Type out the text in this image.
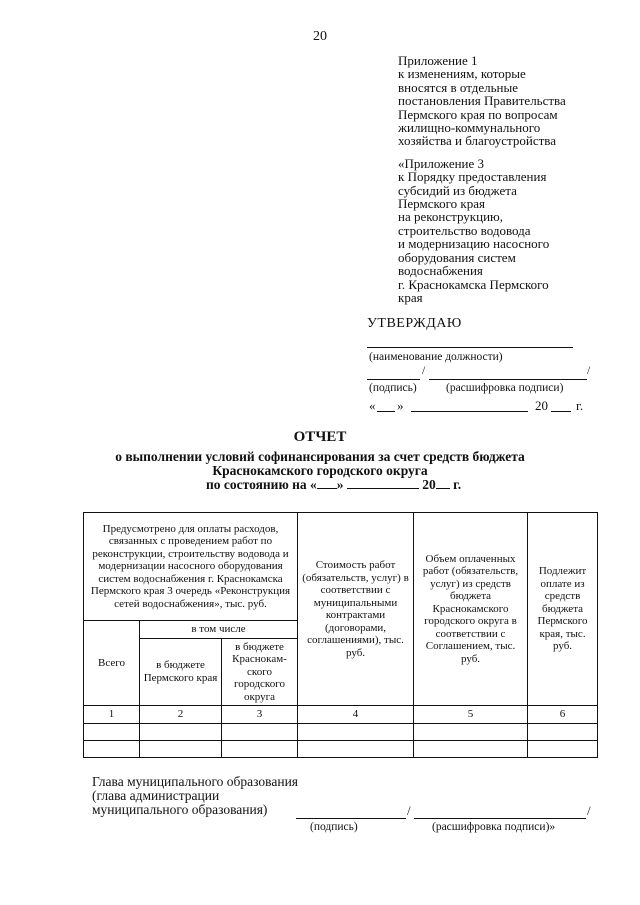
20
Приложение 1
к изменениям, которые
вносятся в отдельные
постановления Правительства
Пермского края по вопросам
жилищно-коммунального
хозяйства и благоустройства
«Приложение 3
к Порядку предоставления
субсидий из бюджета
Пермского края
на реконструкцию,
строительство водовода
и модернизацию насосного
оборудования систем
водоснабжения
г. Краснокамска Пермского
края
УТВЕРЖДАЮ
(наименование должности)
/	/
(подпись)	(расшифровка подписи)
« »	20 г.
ОТЧЕТ
о выполнении условий софинансирования за счет средств бюджета
Краснокамского городского округа
по состоянию на « »	20 г.
Предусмотрено для оплаты расходов, связанных с проведением работ по реконструкции, строительству водовода и модернизации насосного оборудования систем водоснабжения г. Краснокамска Пермского края 3 очередь «Реконструкция сетей водоснабжения», тыс. руб.			Стоимость работ (обязательств, услуг) в соответствии с муниципальными контрактами (договорами, соглашениями), тыс. руб.	Объем оплаченных работ (обязательств, услуг) из средств бюджета Краснокамского городского округа в соответствии с Соглашением, тыс. руб.	Подлежит оплате из средств бюджета Пермского края, тыс. руб.
Всего	в том числе				
	в бюджете Пермского края	в бюджете Краснокам-ского городского округа			
1	2	3	4	5	6

Глава муниципального образования
(глава администрации
муниципального образования)	/	/
(подпись)	(расшифровка подписи)»
